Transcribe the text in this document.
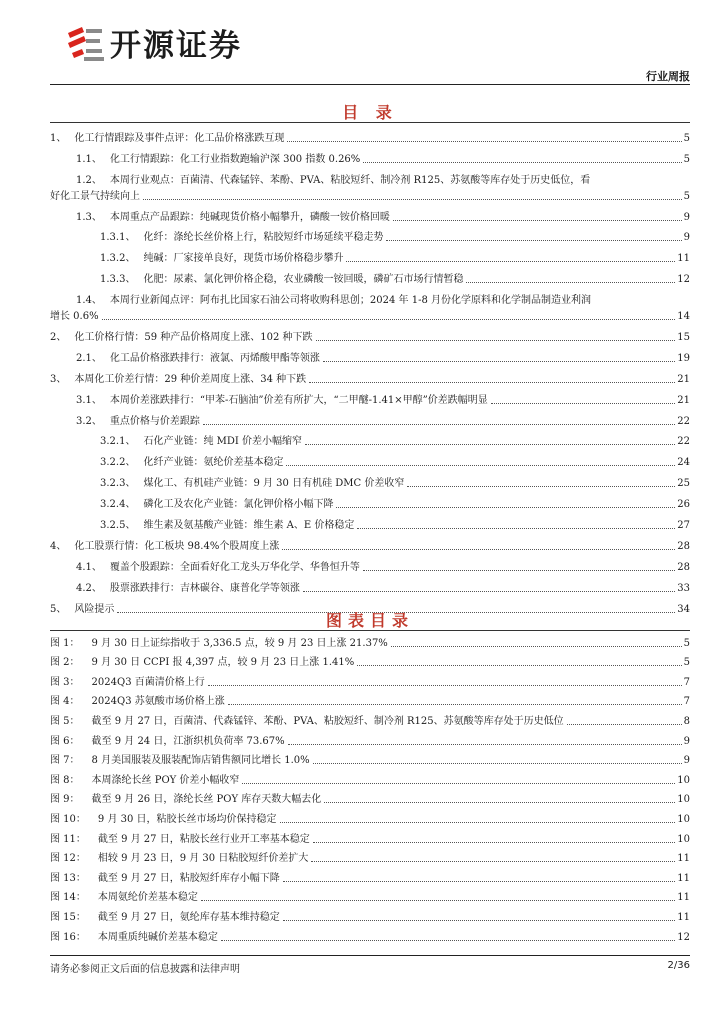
开源证券
行业周报
目 录
1、 化工行情跟踪及事件点评：化工品价格涨跌互现	5
1.1、 化工行情跟踪：化工行业指数跑输沪深 300 指数 0.26%	5
1.2、 本周行业观点：百菌清、代森锰锌、苯酚、PVA、粘胶短纤、制冷剂 R125、苏氨酸等库存处于历史低位，看
好化工景气持续向上	5
1.3、 本周重点产品跟踪：纯碱现货价格小幅攀升，磷酸一铵价格回暖	9
1.3.1、 化纤：涤纶长丝价格上行，粘胶短纤市场延续平稳走势	9
1.3.2、 纯碱：厂家接单良好，现货市场价格稳步攀升	11
1.3.3、 化肥：尿素、氯化钾价格企稳，农业磷酸一铵回暖，磷矿石市场行情暂稳	12
1.4、 本周行业新闻点评：阿布扎比国家石油公司将收购科思创；2024 年 1-8 月份化学原料和化学制品制造业利润
增长 0.6%	14
2、 化工价格行情：59 种产品价格周度上涨、102 种下跌	15
2.1、 化工品价格涨跌排行：液氯、丙烯酸甲酯等领涨	19
3、 本周化工价差行情：29 种价差周度上涨、34 种下跌	21
3.1、 本周价差涨跌排行：“甲苯-石脑油”价差有所扩大，“二甲醚-1.41×甲醇”价差跌幅明显	21
3.2、 重点价格与价差跟踪	22
3.2.1、 石化产业链：纯 MDI 价差小幅缩窄	22
3.2.2、 化纤产业链：氨纶价差基本稳定	24
3.2.3、 煤化工、有机硅产业链：9 月 30 日有机硅 DMC 价差收窄	25
3.2.4、 磷化工及农化产业链：氯化钾价格小幅下降	26
3.2.5、 维生素及氨基酸产业链：维生素 A、E 价格稳定	27
4、 化工股票行情：化工板块 98.4%个股周度上涨	28
4.1、 覆盖个股跟踪：全面看好化工龙头万华化学、华鲁恒升等	28
4.2、 股票涨跌排行：吉林碳谷、康普化学等领涨	33
5、 风险提示	34
图表目录
图 1： 9 月 30 日上证综指收于 3,336.5 点，较 9 月 23 日上涨 21.37%	5
图 2： 9 月 30 日 CCPI 报 4,397 点，较 9 月 23 日上涨 1.41%	5
图 3： 2024Q3 百菌清价格上行	7
图 4： 2024Q3 苏氨酸市场价格上涨	7
图 5： 截至 9 月 27 日，百菌清、代森锰锌、苯酚、PVA、粘胶短纤、制冷剂 R125、苏氨酸等库存处于历史低位	8
图 6： 截至 9 月 24 日，江浙织机负荷率 73.67%	9
图 7： 8 月美国服装及服装配饰店销售额同比增长 1.0%	9
图 8： 本周涤纶长丝 POY 价差小幅收窄	10
图 9： 截至 9 月 26 日，涤纶长丝 POY 库存天数大幅去化	10
图 10： 9 月 30 日，粘胶长丝市场均价保持稳定	10
图 11： 截至 9 月 27 日，粘胶长丝行业开工率基本稳定	10
图 12： 相较 9 月 23 日，9 月 30 日粘胶短纤价差扩大	11
图 13： 截至 9 月 27 日，粘胶短纤库存小幅下降	11
图 14： 本周氨纶价差基本稳定	11
图 15： 截至 9 月 27 日，氨纶库存基本维持稳定	11
图 16： 本周重质纯碱价差基本稳定	12
请务必参阅正文后面的信息披露和法律声明	2/36
